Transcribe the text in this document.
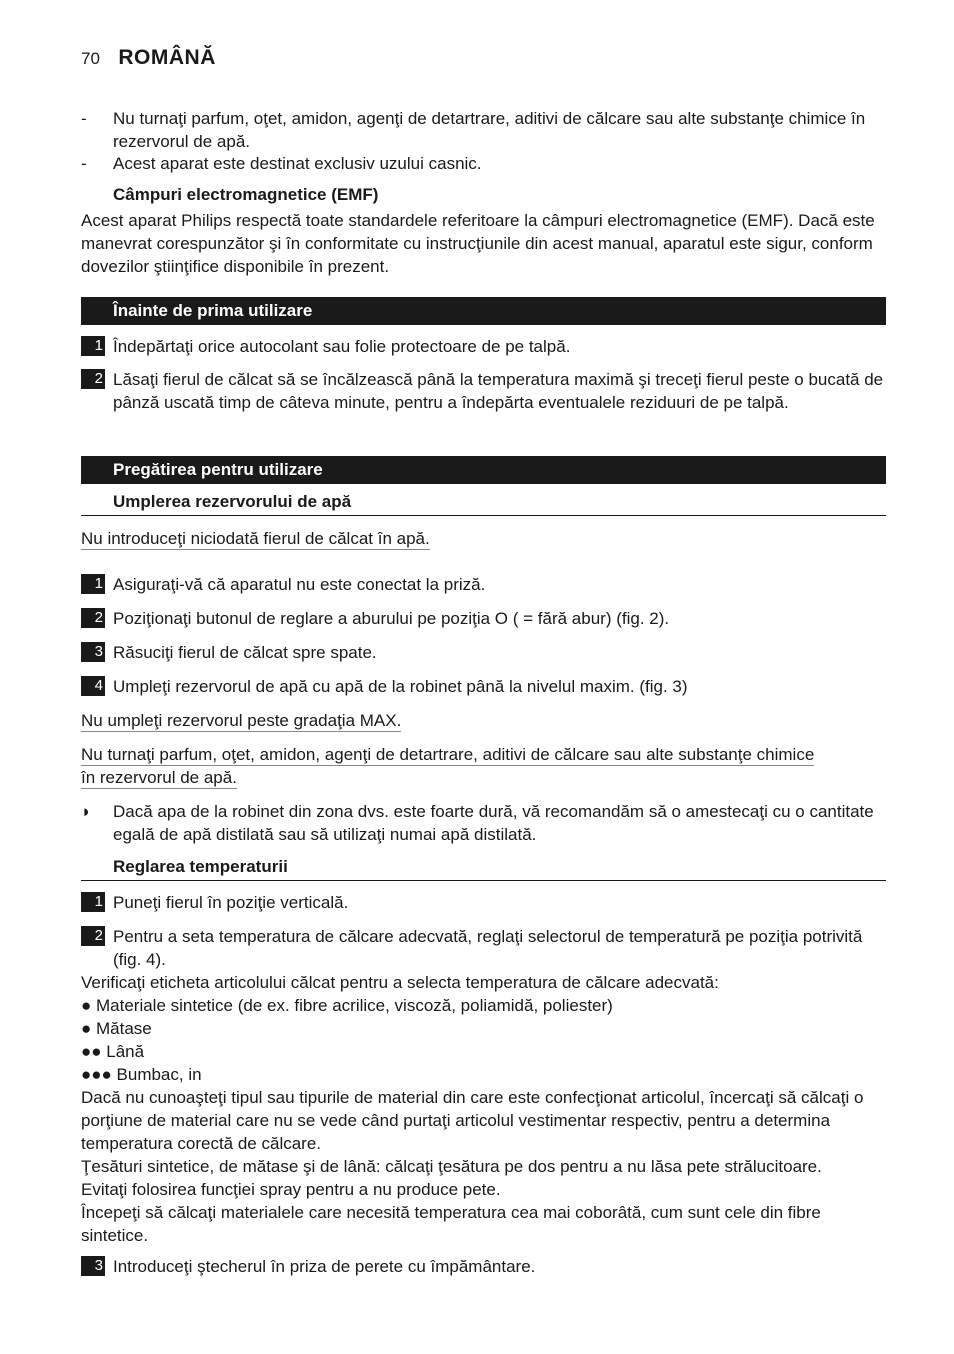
70 ROMÂNĂ
- Nu turnaţi parfum, oţet, amidon, agenţi de detartrare, aditivi de călcare sau alte substanţe chimice în rezervorul de apă.
- Acest aparat este destinat exclusiv uzului casnic.
Câmpuri electromagnetice (EMF)
Acest aparat Philips respectă toate standardele referitoare la câmpuri electromagnetice (EMF). Dacă este manevrat corespunzător şi în conformitate cu instrucţiunile din acest manual, aparatul este sigur, conform dovezilor ştiinţifice disponibile în prezent.
Înainte de prima utilizare
1 Îndepărtaţi orice autocolant sau folie protectoare de pe talpă.
2 Lăsaţi fierul de călcat să se încălzească până la temperatura maximă şi treceţi fierul peste o bucată de pânză uscată timp de câteva minute, pentru a îndepărta eventualele reziduuri de pe talpă.
Pregătirea pentru utilizare
Umplerea rezervorului de apă
Nu introduceţi niciodată fierul de călcat în apă.
1 Asiguraţi-vă că aparatul nu este conectat la priză.
2 Poziţionaţi butonul de reglare a aburului pe poziţia O ( = fără abur) (fig. 2).
3 Răsuciţi fierul de călcat spre spate.
4 Umpleţi rezervorul de apă cu apă de la robinet până la nivelul maxim. (fig. 3)
Nu umpleţi rezervorul peste gradaţia MAX.
Nu turnaţi parfum, oţet, amidon, agenţi de detartrare, aditivi de călcare sau alte substanţe chimice
în rezervorul de apă.
◗ Dacă apa de la robinet din zona dvs. este foarte dură, vă recomandăm să o amestecaţi cu o cantitate egală de apă distilată sau să utilizaţi numai apă distilată.
Reglarea temperaturii
1 Puneţi fierul în poziţie verticală.
2 Pentru a seta temperatura de călcare adecvată, reglaţi selectorul de temperatură pe poziţia potrivită (fig. 4).
Verificaţi eticheta articolului călcat pentru a selecta temperatura de călcare adecvată:
● Materiale sintetice (de ex. fibre acrilice, viscoză, poliamidă, poliester)
● Mătase
●● Lână
●●● Bumbac, in
Dacă nu cunoaşteţi tipul sau tipurile de material din care este confecţionat articolul, încercaţi să călcaţi o porţiune de material care nu se vede când purtaţi articolul vestimentar respectiv, pentru a determina temperatura corectă de călcare.
Ţesături sintetice, de mătase şi de lână: călcaţi ţesătura pe dos pentru a nu lăsa pete strălucitoare.
Evitaţi folosirea funcţiei spray pentru a nu produce pete.
Începeţi să călcaţi materialele care necesită temperatura cea mai coborâtă, cum sunt cele din fibre sintetice.
3 Introduceţi ştecherul în priza de perete cu împământare.
